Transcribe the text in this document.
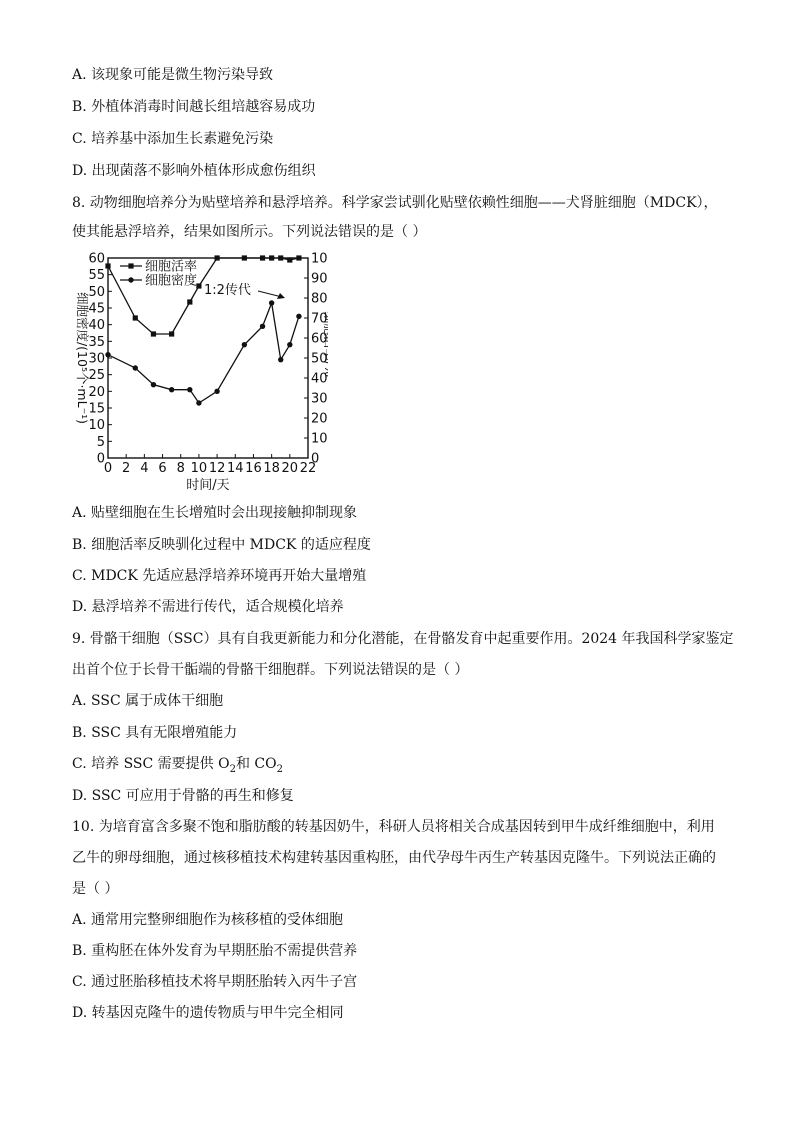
A. 该现象可能是微生物污染导致
B. 外植体消毒时间越长组培越容易成功
C. 培养基中添加生长素避免污染
D. 出现菌落不影响外植体形成愈伤组织
8. 动物细胞培养分为贴壁培养和悬浮培养。科学家尝试驯化贴壁依赖性细胞——犬肾脏细胞（MDCK），
使其能悬浮培养，结果如图所示。下列说法错误的是（ ）
0 2 4 6 8 10 12 14 16 18 20 22
0
5
10
15
20
25
30
35
40
45
50
55
60
0
10
20
30
40
50
60
70
80
90
10
时间/天
细胞密度/(10⁵个·mL⁻¹)	细胞活率/%
细胞活率
细胞密度
1:2传代
A. 贴壁细胞在生长增殖时会出现接触抑制现象
B. 细胞活率反映驯化过程中 MDCK 的适应程度
C. MDCK 先适应悬浮培养环境再开始大量增殖
D. 悬浮培养不需进行传代，适合规模化培养
9. 骨骼干细胞（SSC）具有自我更新能力和分化潜能，在骨骼发育中起重要作用。2024 年我国科学家鉴定
出首个位于长骨干骺端的骨骼干细胞群。下列说法错误的是（ ）
A. SSC 属于成体干细胞
B. SSC 具有无限增殖能力
C. 培养 SSC 需要提供 $O_2$和 $CO_2$
D. SSC 可应用于骨骼的再生和修复
10. 为培育富含多聚不饱和脂肪酸的转基因奶牛，科研人员将相关合成基因转到甲牛成纤维细胞中，利用
乙牛的卵母细胞，通过核移植技术构建转基因重构胚，由代孕母牛丙生产转基因克隆牛。下列说法正确的
是（ ）
A. 通常用完整卵细胞作为核移植的受体细胞
B. 重构胚在体外发育为早期胚胎不需提供营养
C. 通过胚胎移植技术将早期胚胎转入丙牛子宫
D. 转基因克隆牛的遗传物质与甲牛完全相同
